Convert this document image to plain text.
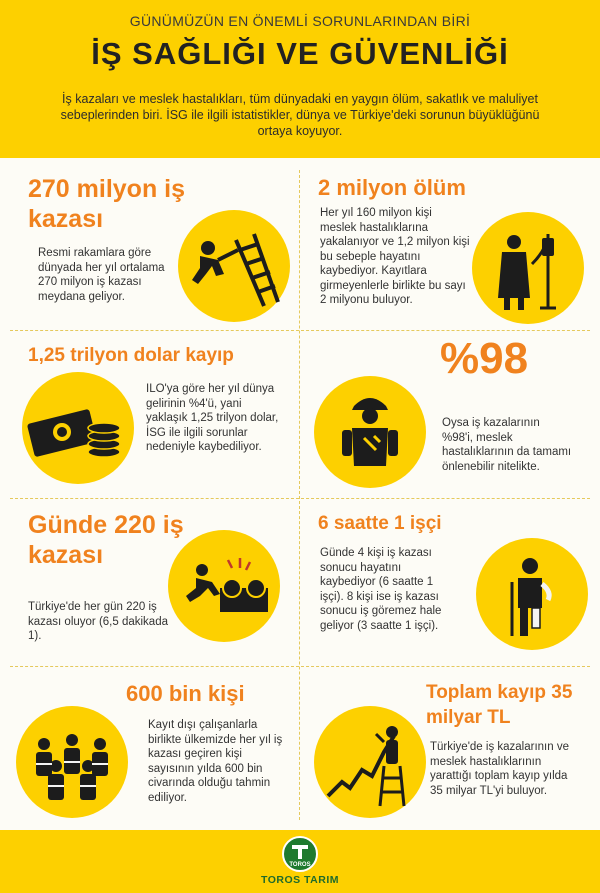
GÜNÜMÜZÜN EN ÖNEMLİ SORUNLARINDAN BİRİ
İŞ SAĞLIĞI VE GÜVENLİĞİ
İş kazaları ve meslek hastalıkları, tüm dünyadaki en yaygın ölüm, sakatlık ve maluliyet sebeplerinden biri. İSG ile ilgili istatistikler, dünya ve Türkiye'deki sorunun büyüklüğünü ortaya koyuyor.
270 milyon iş kazası
Resmi rakamlara göre dünyada her yıl ortalama 270 milyon iş kazası meydana geliyor.
2 milyon ölüm
Her yıl 160 milyon kişi meslek hastalıklarına yakalanıyor ve 1,2 milyon kişi bu sebeple hayatını kaybediyor. Kayıtlara girmeyenlerle birlikte bu sayı 2 milyonu buluyor.
1,25 trilyon dolar kayıp
ILO'ya göre her yıl dünya gelirinin %4'ü, yani yaklaşık 1,25 trilyon dolar, İSG ile ilgili sorunlar nedeniyle kaybediliyor.
%98
Oysa iş kazalarının %98'i, meslek hastalıklarının da tamamı önlenebilir nitelikte.
Günde 220 iş kazası
Türkiye'de her gün 220 iş kazası oluyor (6,5 dakikada 1).
6 saatte 1 işçi
Günde 4 kişi iş kazası sonucu hayatını kaybediyor (6 saatte 1 işçi). 8 kişi ise iş kazası sonucu iş göremez hale geliyor (3 saatte 1 işçi).
600 bin kişi
Kayıt dışı çalışanlarla birlikte ülkemizde her yıl iş kazası geçiren kişi sayısının yılda 600 bin civarında olduğu tahmin ediliyor.
Toplam kayıp 35 milyar TL
Türkiye'de iş kazalarının ve meslek hastalıklarının yarattığı toplam kayıp yılda 35 milyar TL'yi buluyor.
TOROS
TOROS TARIM
